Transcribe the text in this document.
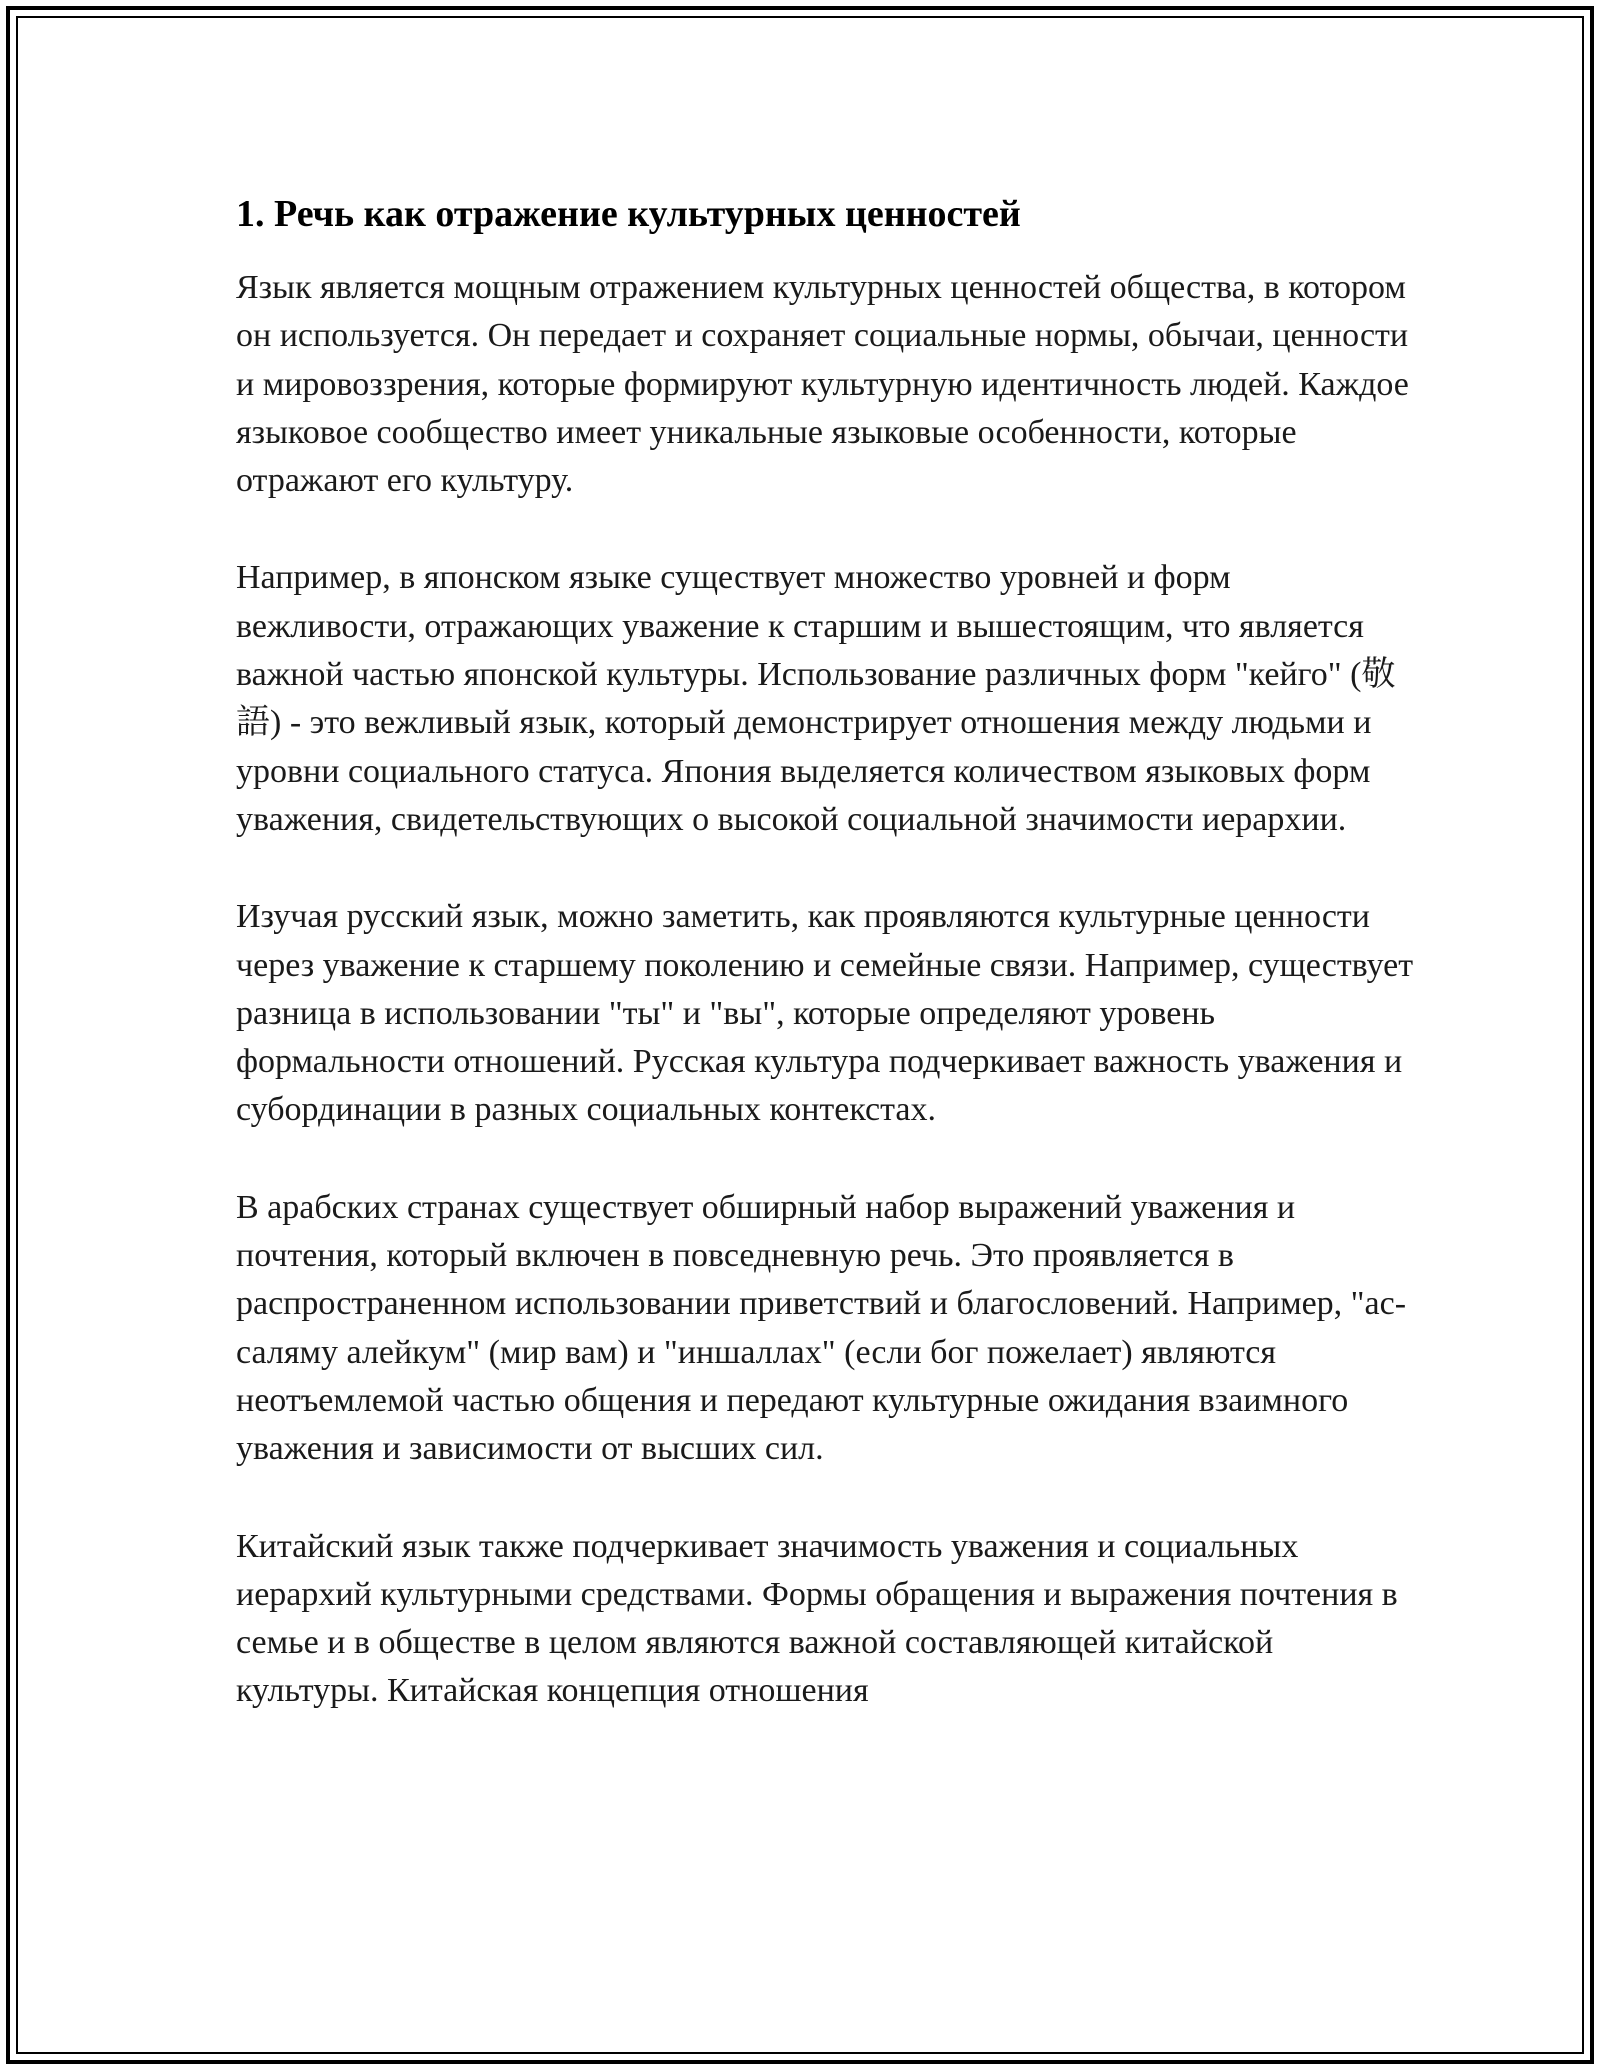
1. Речь как отражение культурных ценностей

Язык является мощным отражением культурных ценностей общества, в котором он используется. Он передает и сохраняет социальные нормы, обычаи, ценности и мировоззрения, которые формируют культурную идентичность людей. Каждое языковое сообщество имеет уникальные языковые особенности, которые отражают его культуру.

Например, в японском языке существует множество уровней и форм вежливости, отражающих уважение к старшим и вышестоящим, что является важной частью японской культуры. Использование различных форм "кейго" (敬語) - это вежливый язык, который демонстрирует отношения между людьми и уровни социального статуса. Япония выделяется количеством языковых форм уважения, свидетельствующих о высокой социальной значимости иерархии.

Изучая русский язык, можно заметить, как проявляются культурные ценности через уважение к старшему поколению и семейные связи. Например, существует разница в использовании "ты" и "вы", которые определяют уровень формальности отношений. Русская культура подчеркивает важность уважения и субординации в разных социальных контекстах.

В арабских странах существует обширный набор выражений уважения и почтения, который включен в повседневную речь. Это проявляется в распространенном использовании приветствий и благословений. Например, "ас-саляму алейкум" (мир вам) и "иншаллах" (если бог пожелает) являются неотъемлемой частью общения и передают культурные ожидания взаимного уважения и зависимости от высших сил.

Китайский язык также подчеркивает значимость уважения и социальных иерархий культурными средствами. Формы обращения и выражения почтения в семье и в обществе в целом являются важной составляющей китайской культуры. Китайская концепция отношения
